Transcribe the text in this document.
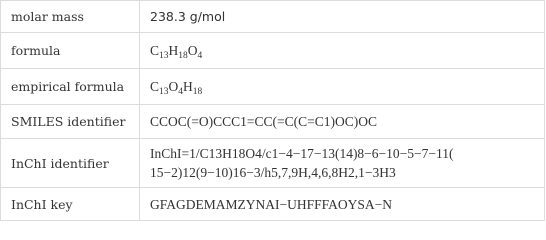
molar mass	238.3 g/mol
formula	$C_{13}H_{18}O_4$
empirical formula	$C_{13}O_4H_{18}$
SMILES identifier	CCOC(=O)CCC1=CC(=C(C=C1)OC)OC
InChI identifier	InChI=1/C13H18O4/c1−4−17−13(14)8−6−10−5−7−11(
15−2)12(9−10)16−3/h5,7,9H,4,6,8H2,1−3H3
InChI key	GFAGDEMAMZYNAI−UHFFFAOYSA−N
